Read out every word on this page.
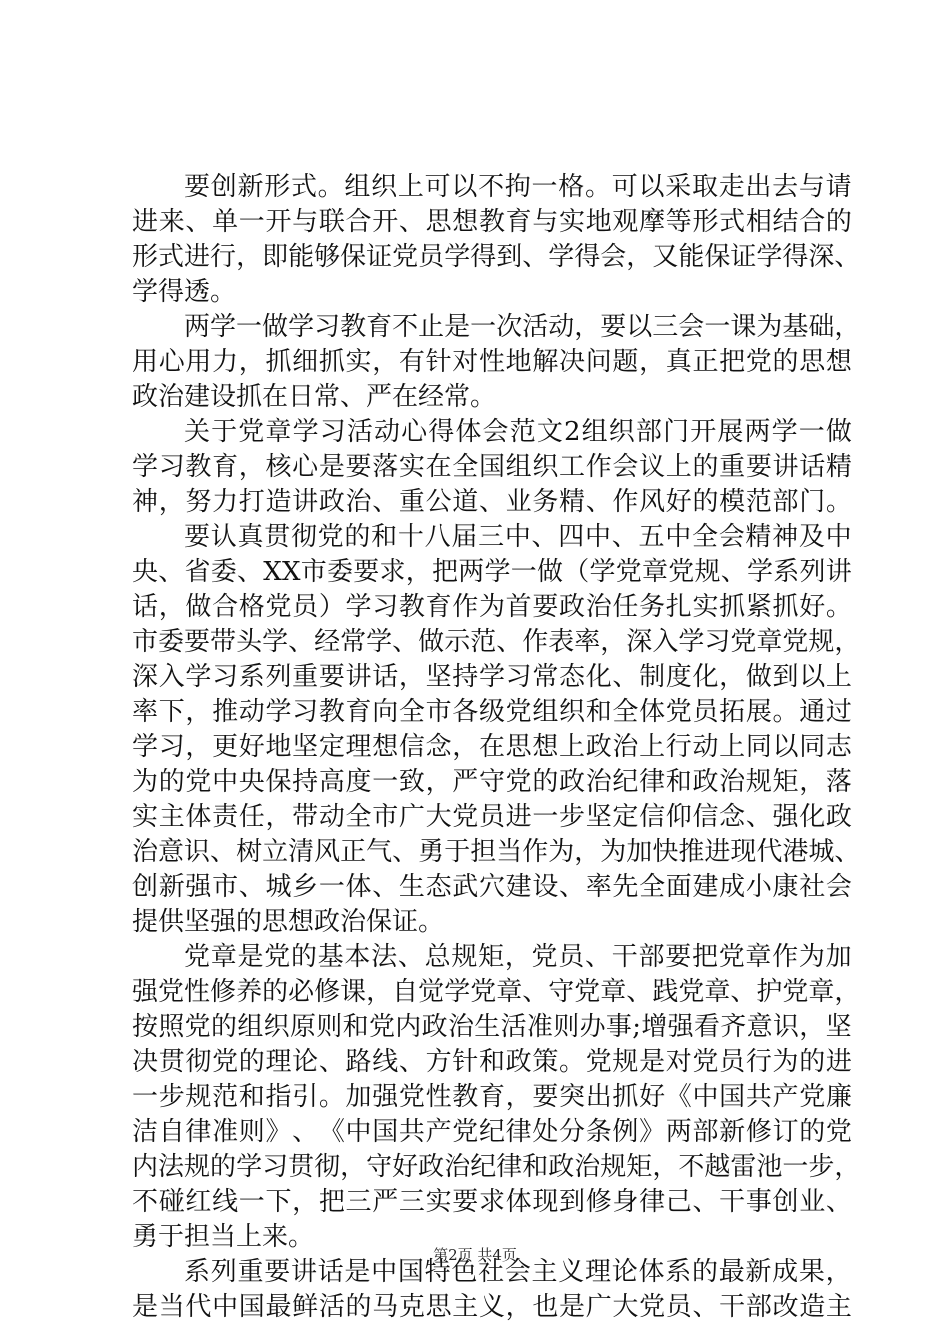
要 创 新 形 式 。 组 织 上 可 以 不 拘 一 格 。 可 以 采 取 走 出 去 与 请
进 来 、 单 一 开 与 联 合 开 、 思 想 教 育 与 实 地 观 摩 等 形 式 相 结 合 的
形 式 进 行 ， 即 能 够 保 证 党 员 学 得 到 、 学 得 会 ， 又 能 保 证 学 得 深 、
学得透。
两 学 一 做 学 习 教 育 不 止 是 一 次 活 动 ， 要 以 三 会 一 课 为 基 础 ，
用 心 用 力 ， 抓 细 抓 实 ， 有 针 对 性 地 解 决 问 题 ， 真 正 把 党 的 思 想
政治建设抓在日常、严在经常。
关 于 党 章 学 习 活 动 心 得 体 会 范 文 2 组 织 部 门 开 展 两 学 一 做
学 习 教 育 ， 核 心 是 要 落 实 在 全 国 组 织 工 作 会 议 上 的 重 要 讲 话 精
神 ， 努 力 打 造 讲 政 治 、 重 公 道 、 业 务 精 、 作 风 好 的 模 范 部 门 。
要 认 真 贯 彻 党 的 和 十 八 届 三 中 、 四 中 、 五 中 全 会 精 神 及 中
央 、 省 委 、 X X 市 委 要 求 ， 把 两 学 一 做 （ 学 党 章 党 规 、 学 系 列 讲
话 ， 做 合 格 党 员 ） 学 习 教 育 作 为 首 要 政 治 任 务 扎 实 抓 紧 抓 好 。
市 委 要 带 头 学 、 经 常 学 、 做 示 范 、 作 表 率 ， 深 入 学 习 党 章 党 规 ，
深 入 学 习 系 列 重 要 讲 话 ， 坚 持 学 习 常 态 化 、 制 度 化 ， 做 到 以 上
率 下 ， 推 动 学 习 教 育 向 全 市 各 级 党 组 织 和 全 体 党 员 拓 展 。 通 过
学 习 ， 更 好 地 坚 定 理 想 信 念 ， 在 思 想 上 政 治 上 行 动 上 同 以 同 志
为 的 党 中 央 保 持 高 度 一 致 ， 严 守 党 的 政 治 纪 律 和 政 治 规 矩 ， 落
实 主 体 责 任 ， 带 动 全 市 广 大 党 员 进 一 步 坚 定 信 仰 信 念 、 强 化 政
治 意 识 、 树 立 清 风 正 气 、 勇 于 担 当 作 为 ， 为 加 快 推 进 现 代 港 城 、
创 新 强 市 、 城 乡 一 体 、 生 态 武 穴 建 设 、 率 先 全 面 建 成 小 康 社 会
提供坚强的思想政治保证。
党 章 是 党 的 基 本 法 、 总 规 矩 ， 党 员 、 干 部 要 把 党 章 作 为 加
强 党 性 修 养 的 必 修 课 ， 自 觉 学 党 章 、 守 党 章 、 践 党 章 、 护 党 章 ，
按 照 党 的 组 织 原 则 和 党 内 政 治 生 活 准 则 办 事 ; 增 强 看 齐 意 识 ， 坚
决 贯 彻 党 的 理 论 、 路 线 、 方 针 和 政 策 。 党 规 是 对 党 员 行 为 的 进
一 步 规 范 和 指 引 。 加 强 党 性 教 育 ， 要 突 出 抓 好 《 中 国 共 产 党 廉
洁 自 律 准 则 》 、 《 中 国 共 产 党 纪 律 处 分 条 例 》 两 部 新 修 订 的 党
内 法 规 的 学 习 贯 彻 ， 守 好 政 治 纪 律 和 政 治 规 矩 ， 不 越 雷 池 一 步 ，
不 碰 红 线 一 下 ， 把 三 严 三 实 要 求 体 现 到 修 身 律 己 、 干 事 创 业 、
勇于担当上来。
系 列 重 要 讲 话 是 中 国 特 色 社 会 主 义 理 论 体 系 的 最 新 成 果 ，
是 当 代 中 国 最 鲜 活 的 马 克 思 主 义 ， 也 是 广 大 党 员 、 干 部 改 造 主
第2页 共4页
